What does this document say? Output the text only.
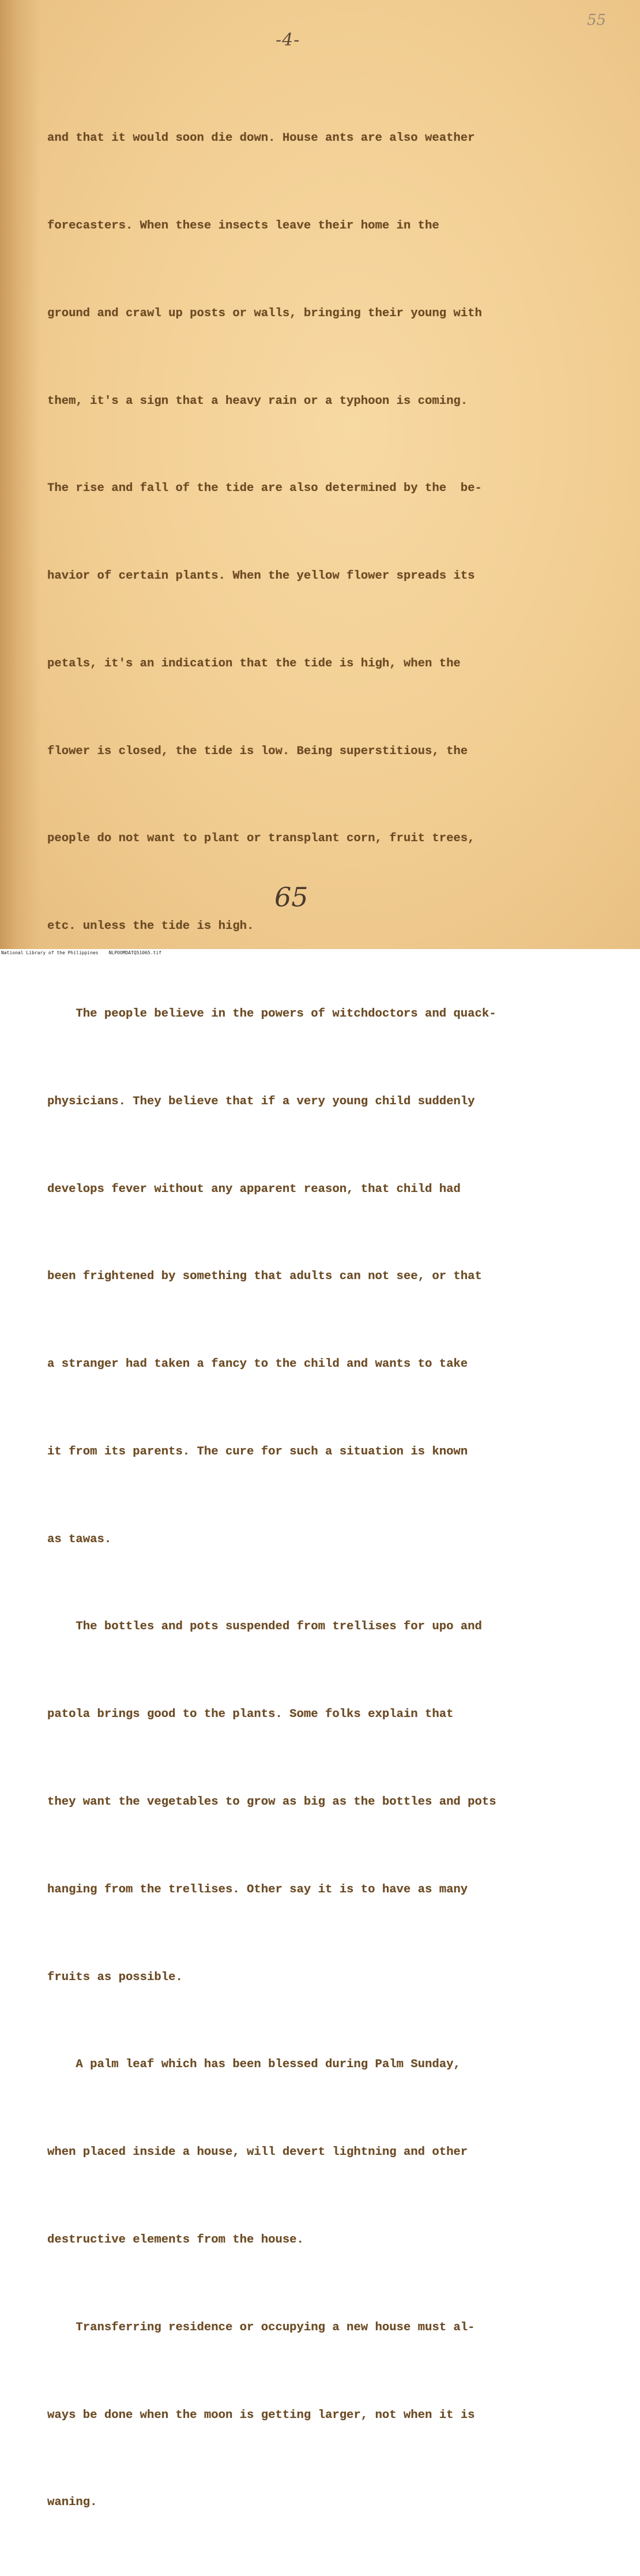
-4-
55

and that it would soon die down. House ants are also weather

forecasters. When these insects leave their home in the

ground and crawl up posts or walls, bringing their young with

them, it's a sign that a heavy rain or a typhoon is coming.

The rise and fall of the tide are also determined by the  be-

havior of certain plants. When the yellow flower spreads its

petals, it's an indication that the tide is high, when the

flower is closed, the tide is low. Being superstitious, the

people do not want to plant or transplant corn, fruit trees,

etc. unless the tide is high.

The people believe in the powers of witchdoctors and quack-

physicians. They believe that if a very young child suddenly

develops fever without any apparent reason, that child had

been frightened by something that adults can not see, or that

a stranger had taken a fancy to the child and wants to take

it from its parents. The cure for such a situation is known

as tawas.

The bottles and pots suspended from trellises for upo and

patola brings good to the plants. Some folks explain that

they want the vegetables to grow as big as the bottles and pots

hanging from the trellises. Other say it is to have as many

fruits as possible.

A palm leaf which has been blessed during Palm Sunday,

when placed inside a house, will devert lightning and other

destructive elements from the house.

Transferring residence or occupying a new house must al-

ways be done when the moon is getting larger, not when it is

waning.

65
National Library of the Philippines NLPOOMDATQ51065.tif
